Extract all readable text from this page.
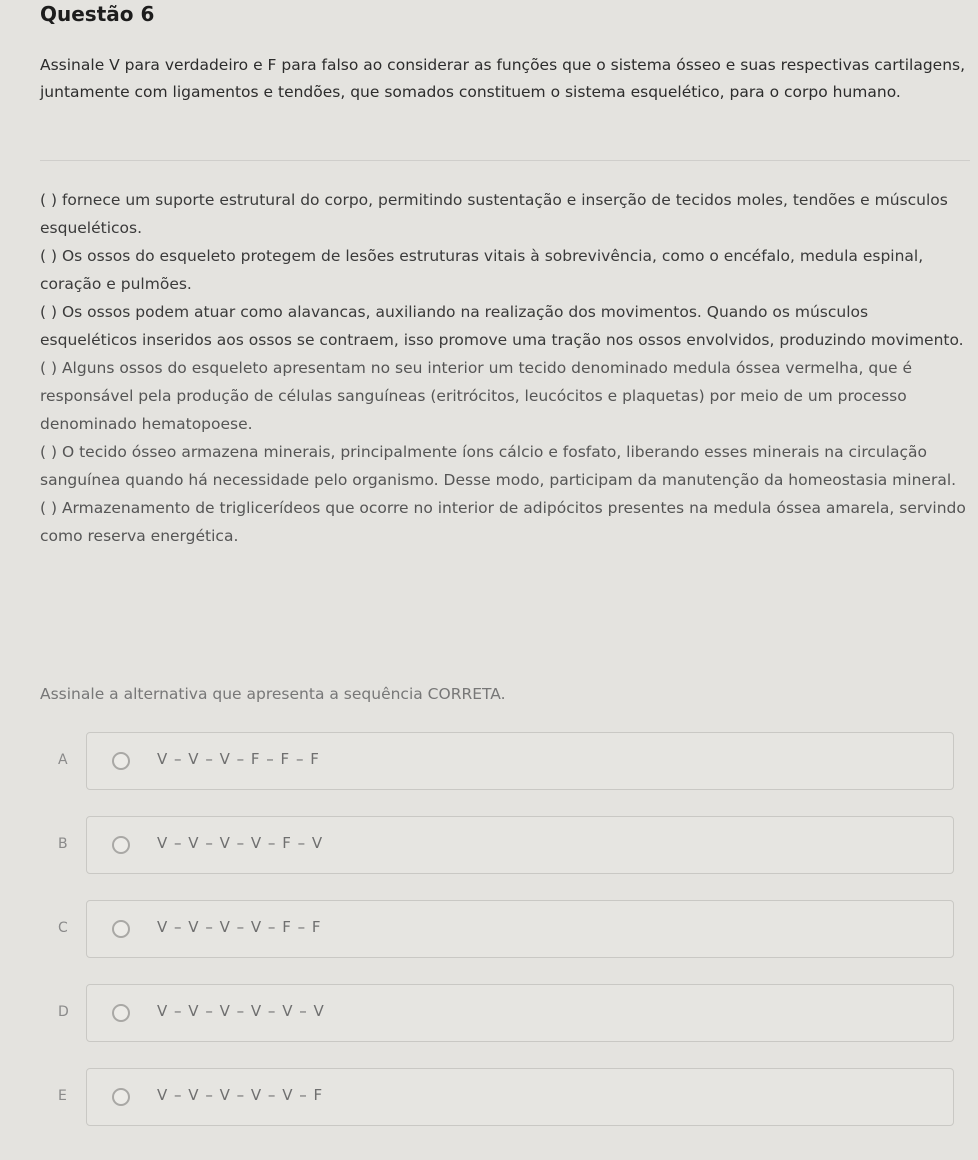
Questão 6

Assinale V para verdadeiro e F para falso ao considerar as funções que o sistema ósseo e suas respectivas cartilagens, juntamente com ligamentos e tendões, que somados constituem o sistema esquelético, para o corpo humano.

( ) fornece um suporte estrutural do corpo, permitindo sustentação e inserção de tecidos moles, tendões e músculos esqueléticos.
( ) Os ossos do esqueleto protegem de lesões estruturas vitais à sobrevivência, como o encéfalo, medula espinal, coração e pulmões.
( ) Os ossos podem atuar como alavancas, auxiliando na realização dos movimentos. Quando os músculos esqueléticos inseridos aos ossos se contraem, isso promove uma tração nos ossos envolvidos, produzindo movimento.
( ) Alguns ossos do esqueleto apresentam no seu interior um tecido denominado medula óssea vermelha, que é responsável pela produção de células sanguíneas (eritrócitos, leucócitos e plaquetas) por meio de um processo denominado hematopoese.
( ) O tecido ósseo armazena minerais, principalmente íons cálcio e fosfato, liberando esses minerais na circulação sanguínea quando há necessidade pelo organismo. Desse modo, participam da manutenção da homeostasia mineral.
( ) Armazenamento de triglicerídeos que ocorre no interior de adipócitos presentes na medula óssea amarela, servindo como reserva energética.

Assinale a alternativa que apresenta a sequência CORRETA.

A	V – V – V – F – F – F
B	V – V – V – V – F – V
C	V – V – V – V – F – F
D	V – V – V – V – V – V
E	V – V – V – V – V – F
